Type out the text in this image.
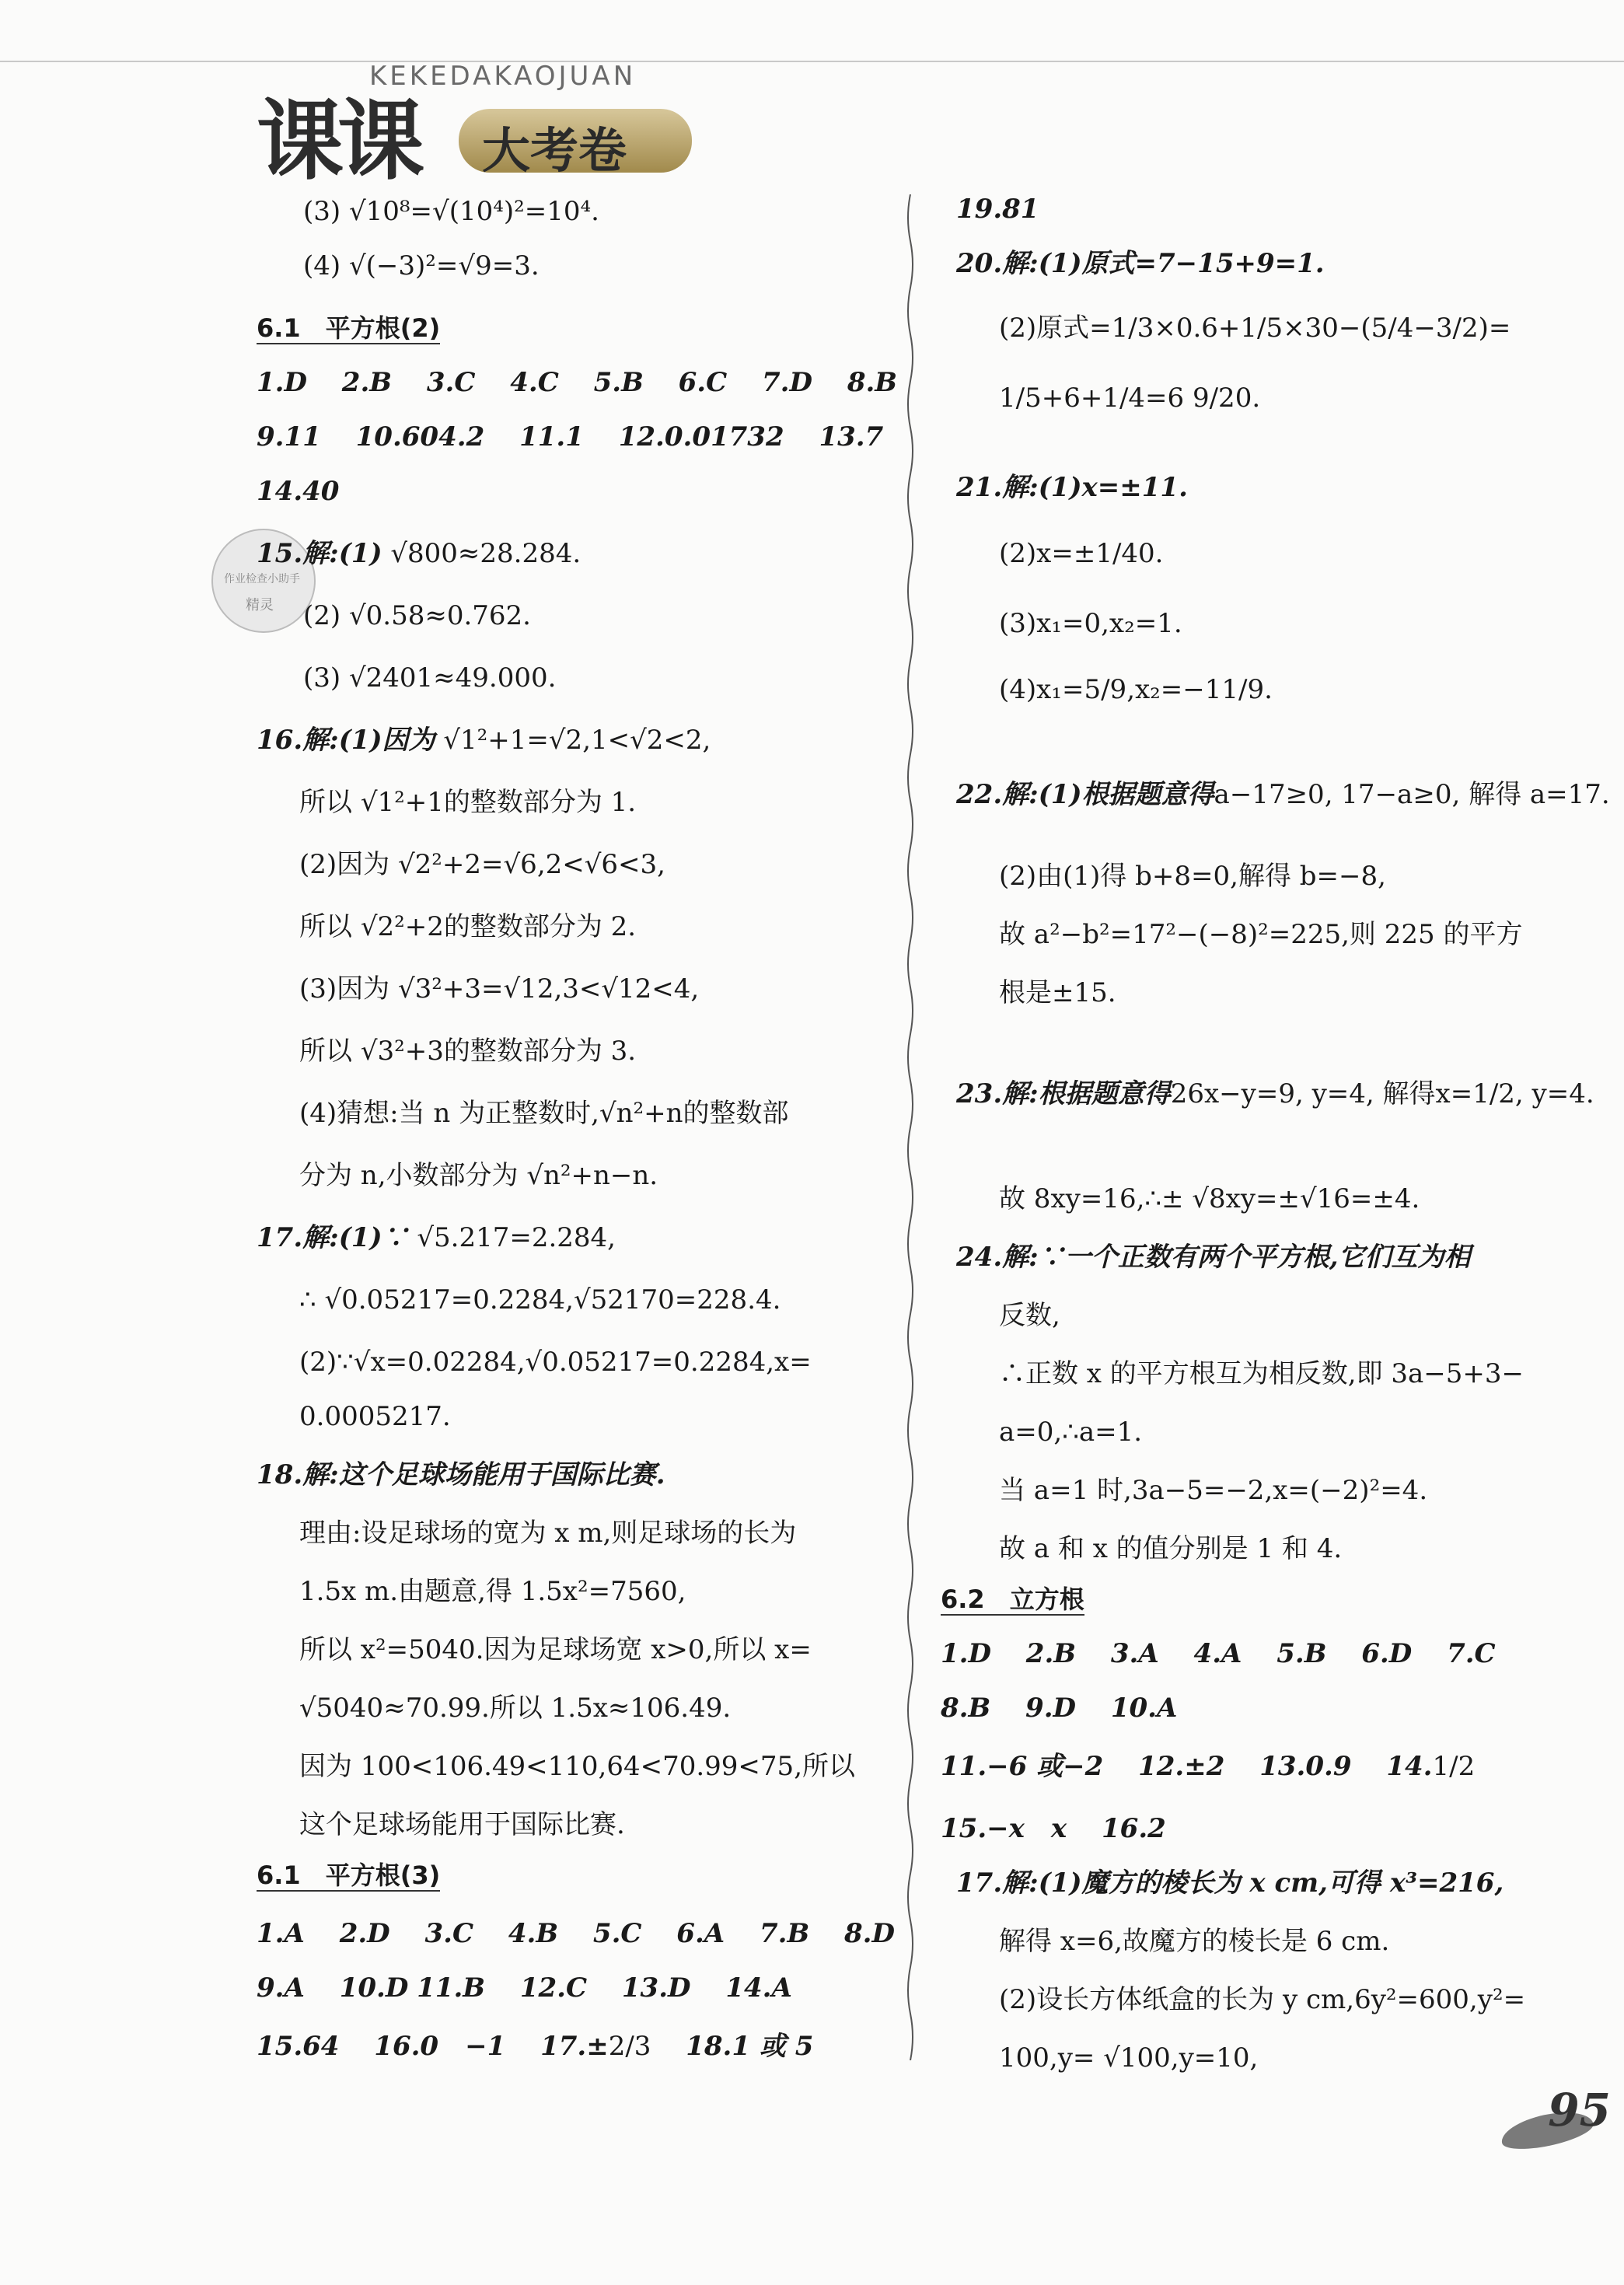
课课 大考卷
KEKEDAKAOJUAN
作业检查小助手
精灵
(3) √10⁸=√(10⁴)²=10⁴.
(4) √(−3)²=√9=3.
6.1　平方根(2)
1.D　 2.B　 3.C　 4.C　 5.B　 6.C　 7.D　 8.B
9.11　 10.604.2　 11.1　 12.0.01732　 13.7
14.40
15.解:(1) √800≈28.284.
(2) √0.58≈0.762.
(3) √2401≈49.000.
16.解:(1)因为 √1²+1=√2,1<√2<2,
所以 √1²+1的整数部分为 1.
(2)因为 √2²+2=√6,2<√6<3,
所以 √2²+2的整数部分为 2.
(3)因为 √3²+3=√12,3<√12<4,
所以 √3²+3的整数部分为 3.
(4)猜想:当 n 为正整数时,√n²+n的整数部
分为 n,小数部分为 √n²+n−n.
17.解:(1)∵ √5.217=2.284,
∴ √0.05217=0.2284,√52170=228.4.
(2)∵√x=0.02284,√0.05217=0.2284,x=
0.0005217.
18.解:这个足球场能用于国际比赛.
理由:设足球场的宽为 x m,则足球场的长为
1.5x m.由题意,得 1.5x²=7560,
所以 x²=5040.因为足球场宽 x>0,所以 x=
√5040≈70.99.所以 1.5x≈106.49.
因为 100<106.49<110,64<70.99<75,所以
这个足球场能用于国际比赛.
6.1　平方根(3)
1.A　 2.D　 3.C　 4.B　 5.C　 6.A　 7.B　 8.D
9.A　 10.D 11.B　 12.C　 13.D　 14.A
15.64　 16.0　−1　 17.±2/3　 18.1 或 5
19.81
20.解:(1)原式=7−15+9=1.
(2)原式=1/3×0.6+1/5×30−(5/4−3/2)=
1/5+6+1/4=6 9/20.
21.解:(1)x=±11.
(2)x=±1/40.
(3)x₁=0,x₂=1.
(4)x₁=5/9,x₂=−11/9.
22.解:(1)根据题意得a−17≥0, 17−a≥0, 解得 a=17.
(2)由(1)得 b+8=0,解得 b=−8,
故 a²−b²=17²−(−8)²=225,则 225 的平方
根是±15.
23.解:根据题意得26x−y=9, y=4, 解得x=1/2, y=4.
故 8xy=16,∴± √8xy=±√16=±4.
24.解:∵一个正数有两个平方根,它们互为相
反数,
∴正数 x 的平方根互为相反数,即 3a−5+3−
a=0,∴a=1.
当 a=1 时,3a−5=−2,x=(−2)²=4.
故 a 和 x 的值分别是 1 和 4.
6.2　立方根
1.D　 2.B　 3.A　 4.A　 5.B　 6.D　 7.C
8.B　 9.D　 10.A
11.−6 或−2　 12.±2　 13.0.9　 14.1/2
15.−x　x　 16.2
17.解:(1)魔方的棱长为 x cm,可得 x³=216,
解得 x=6,故魔方的棱长是 6 cm.
(2)设长方体纸盒的长为 y cm,6y²=600,y²=
100,y= √100,y=10,
95
